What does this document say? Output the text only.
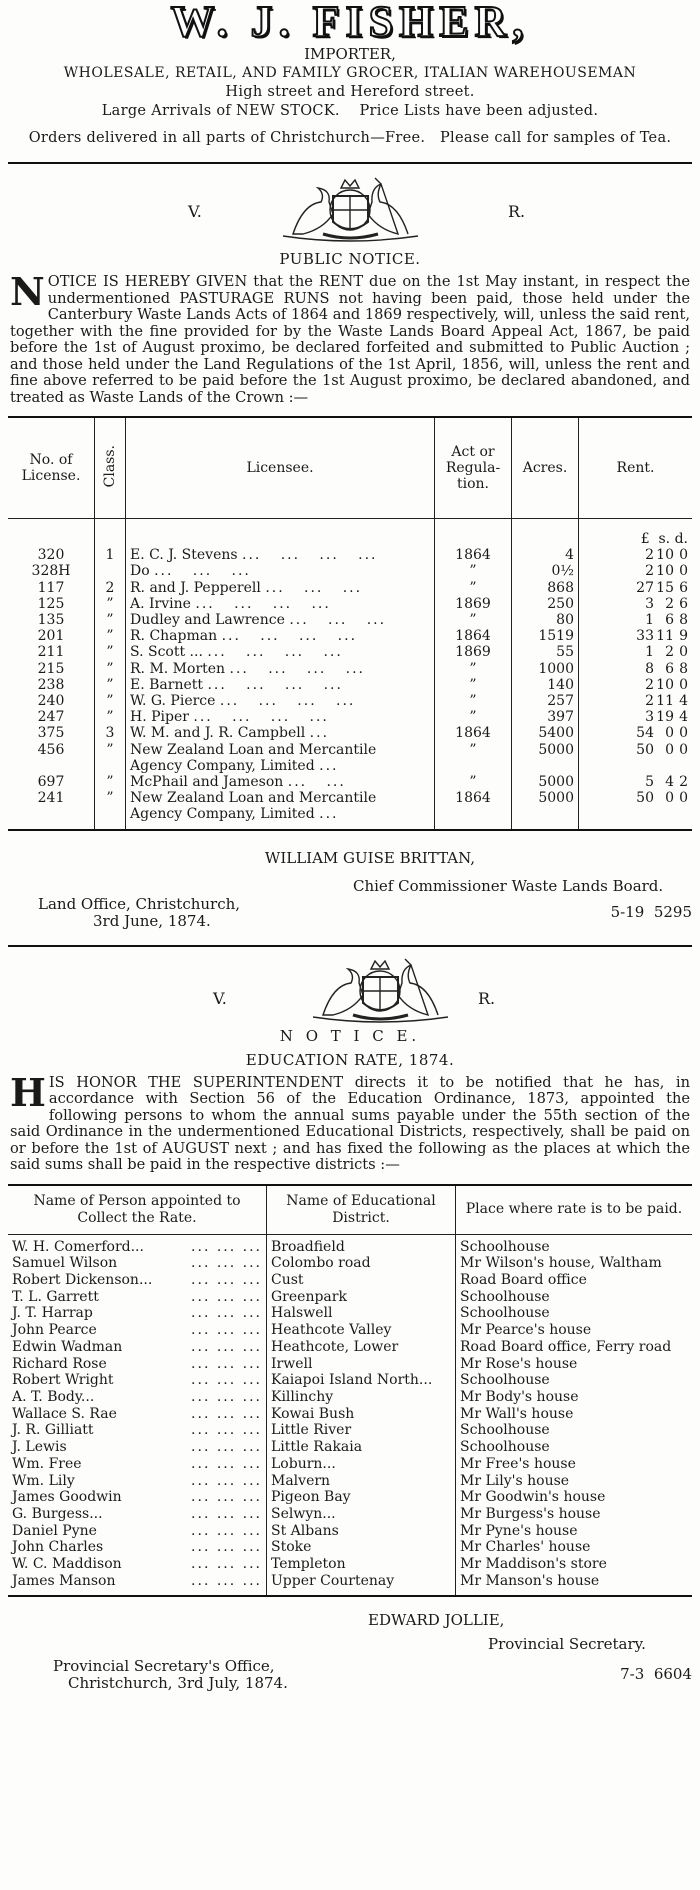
W. J. FISHER,
IMPORTER,
WHOLESALE, RETAIL, AND FAMILY GROCER, ITALIAN WAREHOUSEMAN
High street and Hereford street.
Large Arrivals of NEW STOCK.    Price Lists have been adjusted.
Orders delivered in all parts of Christchurch—Free.   Please call for samples of Tea.
V.	R.
PUBLIC NOTICE.
NOTICE IS HEREBY GIVEN that the RENT due on the 1st May instant, in respect the undermentioned PASTURAGE RUNS not having been paid, those held under the Canterbury Waste Lands Acts of 1864 and 1869 respectively, will, unless the said rent, together with the fine provided for by the Waste Lands Board Appeal Act, 1867, be paid before the 1st of August proximo, be declared forfeited and submitted to Public Auction ; and those held under the Land Regulations of the 1st April, 1856, will, unless the rent and fine above referred to be paid before the 1st August proximo, be declared abandoned, and treated as Waste Lands of the Crown :—
No. of License.	Class.	Licensee.	Act or Regula-tion.	Acres.	Rent.
					£  s. d.
320	1	E. C. J. Stevens ...   ...   ...   ...	1864	4	2 10 0
328H		Do ...   ...   ...	”	0½	2 10 0
117	2	R. and J. Pepperell ...   ...   ...	”	868	27 15 6
125	”	A. Irvine ...   ...   ...   ...	1869	250	3 2 6
135	”	Dudley and Lawrence ...   ...   ...	”	80	1 6 8
201	”	R. Chapman ...   ...   ...   ...	1864	1519	33 11 9
211	”	S. Scott ... ...   ...   ...   ...	1869	55	1 2 0
215	”	R. M. Morten ...   ...   ...   ...	”	1000	8 6 8
238	”	E. Barnett ...   ...   ...   ...	”	140	2 10 0
240	”	W. G. Pierce ...   ...   ...   ...	”	257	2 11 4
247	”	H. Piper ...   ...   ...   ...	”	397	3 19 4
375	3	W. M. and J. R. Campbell ...	1864	5400	54 0 0
456	”	New Zealand Loan and Mercantile Agency Company, Limited ...	”	5000	50 0 0
697	”	McPhail and Jameson ...   ...	”	5000	5 4 2
241	”	New Zealand Loan and Mercantile Agency Company, Limited ...	1864	5000	50 0 0

WILLIAM GUISE BRITTAN,
Chief Commissioner Waste Lands Board.
Land Office, Christchurch,
3rd June, 1874.	5-19  5295
V.	R.
N O T I C E.
EDUCATION RATE, 1874.
HIS HONOR THE SUPERINTENDENT directs it to be notified that he has, in accordance with Section 56 of the Education Ordinance, 1873, appointed the following persons to whom the annual sums payable under the 55th section of the said Ordinance in the undermentioned Educational Districts, respectively, shall be paid on or before the 1st of AUGUST next ; and has fixed the following as the places at which the said sums shall be paid in the respective districts :—
Name of Person appointed to Collect the Rate.	Name of Educational District.	Place where rate is to be paid.

W. H. Comerford... ... ... ...	Broadfield	Schoolhouse
Samuel Wilson ... ... ...	Colombo road	Mr Wilson's house, Waltham
Robert Dickenson... ... ... ...	Cust	Road Board office
T. L. Garrett ... ... ...	Greenpark	Schoolhouse
J. T. Harrap ... ... ...	Halswell	Schoolhouse
John Pearce ... ... ...	Heathcote Valley	Mr Pearce's house
Edwin Wadman ... ... ...	Heathcote, Lower	Road Board office, Ferry road
Richard Rose ... ... ...	Irwell	Mr Rose's house
Robert Wright ... ... ...	Kaiapoi Island North...	Schoolhouse
A. T. Body... ... ... ...	Killinchy	Mr Body's house
Wallace S. Rae ... ... ...	Kowai Bush	Mr Wall's house
J. R. Gilliatt ... ... ...	Little River	Schoolhouse
J. Lewis ... ... ...	Little Rakaia	Schoolhouse
Wm. Free ... ... ...	Loburn...	Mr Free's house
Wm. Lily ... ... ...	Malvern	Mr Lily's house
James Goodwin ... ... ...	Pigeon Bay	Mr Goodwin's house
G. Burgess... ... ... ...	Selwyn...	Mr Burgess's house
Daniel Pyne ... ... ...	St Albans	Mr Pyne's house
John Charles ... ... ...	Stoke	Mr Charles' house
W. C. Maddison ... ... ...	Templeton	Mr Maddison's store
James Manson ... ... ...	Upper Courtenay	Mr Manson's house

EDWARD JOLLIE,
Provincial Secretary.
Provincial Secretary's Office,
Christchurch, 3rd July, 1874.	7-3  6604
